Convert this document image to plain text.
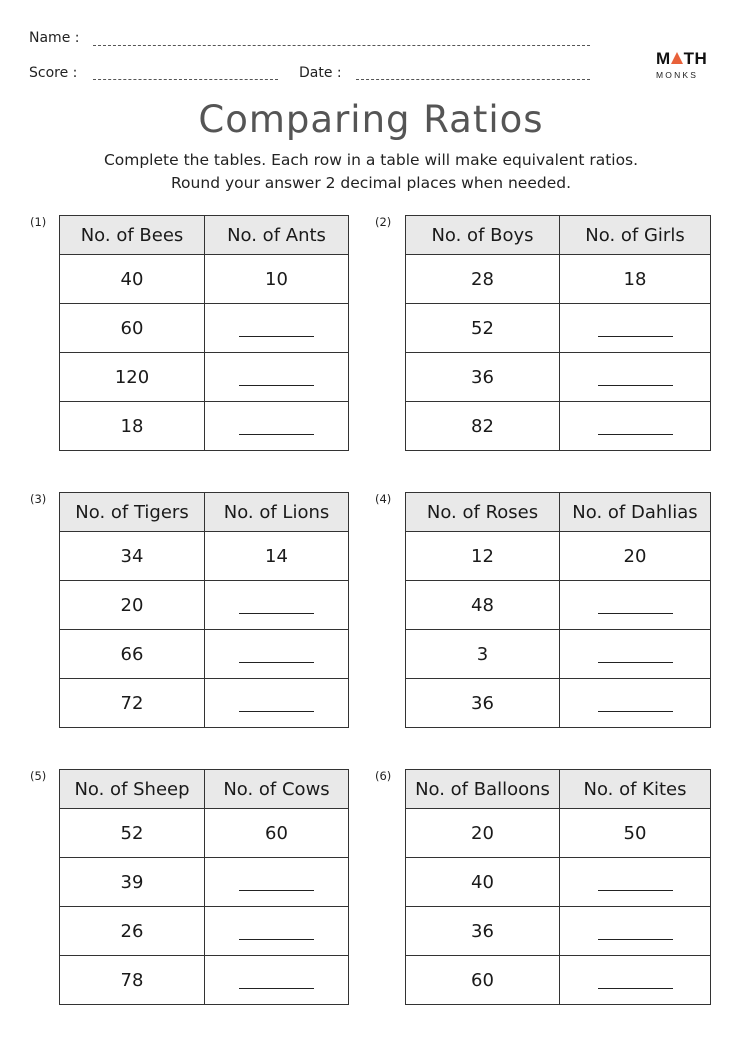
Name :
Score :	Date :
M TH
MONKS
Comparing Ratios
Complete the tables. Each row in a table will make equivalent ratios.
Round your answer 2 decimal places when needed.
(1)
No. of Bees	No. of Ants
40	10
60	
120	
18	
(2)
No. of Boys	No. of Girls
28	18
52	
36	
82	
(3)
No. of Tigers	No. of Lions
34	14
20	
66	
72	
(4)
No. of Roses	No. of Dahlias
12	20
48	
3	
36	
(5)
No. of Sheep	No. of Cows
52	60
39	
26	
78	
(6)
No. of Balloons	No. of Kites
20	50
40	
36	
60	
